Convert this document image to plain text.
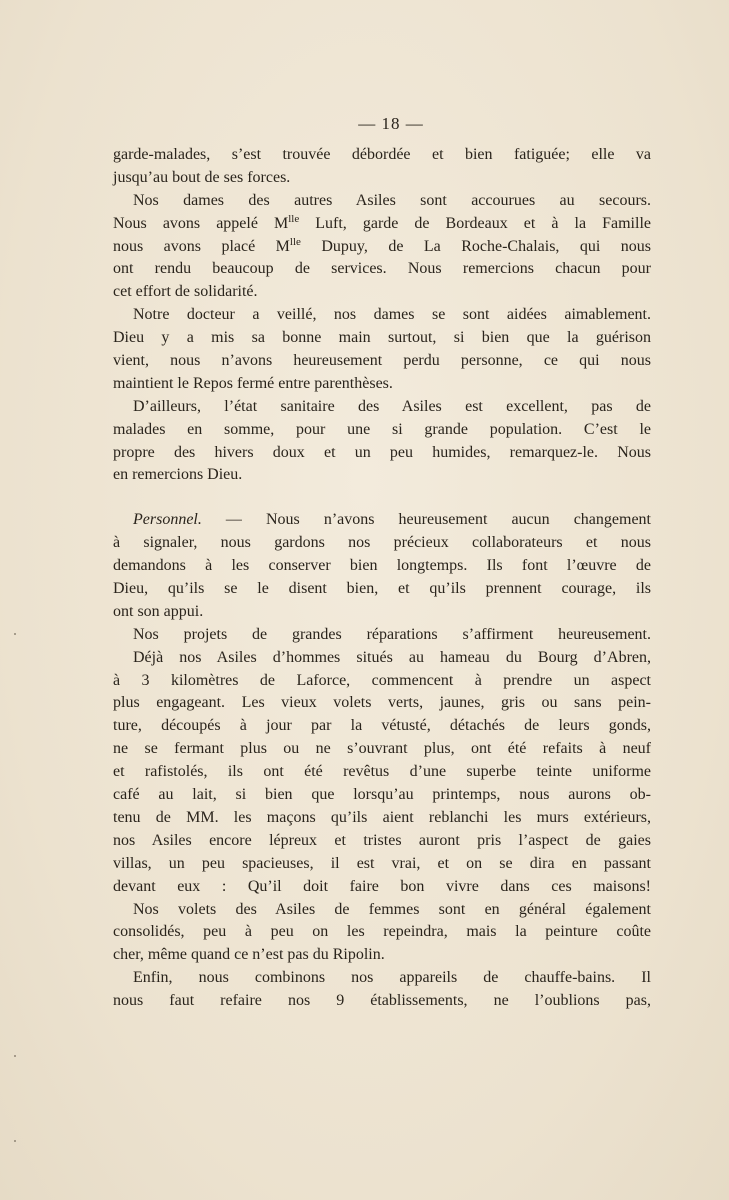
— 18 —
garde-malades, s’est trouvée débordée et bien fatiguée; elle va
jusqu’au bout de ses forces.
Nos dames des autres Asiles sont accourues au secours.
Nous avons appelé $M^{lle}$ Luft, garde de Bordeaux et à la Famille
nous avons placé $M^{lle}$ Dupuy, de La Roche-Chalais, qui nous
ont rendu beaucoup de services. Nous remercions chacun pour
cet effort de solidarité.
Notre docteur a veillé, nos dames se sont aidées aimablement.
Dieu y a mis sa bonne main surtout, si bien que la guérison
vient, nous n’avons heureusement perdu personne, ce qui nous
maintient le Repos fermé entre parenthèses.
D’ailleurs, l’état sanitaire des Asiles est excellent, pas de
malades en somme, pour une si grande population. C’est le
propre des hivers doux et un peu humides, remarquez-le. Nous
en remercions Dieu.
Personnel. — Nous n’avons heureusement aucun changement
à signaler, nous gardons nos précieux collaborateurs et nous
demandons à les conserver bien longtemps. Ils font l’œuvre de
Dieu, qu’ils se le disent bien, et qu’ils prennent courage, ils
ont son appui.
Nos projets de grandes réparations s’affirment heureusement.
Déjà nos Asiles d’hommes situés au hameau du Bourg d’Abren,
à 3 kilomètres de Laforce, commencent à prendre un aspect
plus engageant. Les vieux volets verts, jaunes, gris ou sans pein-
ture, découpés à jour par la vétusté, détachés de leurs gonds,
ne se fermant plus ou ne s’ouvrant plus, ont été refaits à neuf
et rafistolés, ils ont été revêtus d’une superbe teinte uniforme
café au lait, si bien que lorsqu’au printemps, nous aurons ob-
tenu de MM. les maçons qu’ils aient reblanchi les murs extérieurs,
nos Asiles encore lépreux et tristes auront pris l’aspect de gaies
villas, un peu spacieuses, il est vrai, et on se dira en passant
devant eux : Qu’il doit faire bon vivre dans ces maisons!
Nos volets des Asiles de femmes sont en général également
consolidés, peu à peu on les repeindra, mais la peinture coûte
cher, même quand ce n’est pas du Ripolin.
Enfin, nous combinons nos appareils de chauffe-bains. Il
nous faut refaire nos 9 établissements, ne l’oublions pas,
